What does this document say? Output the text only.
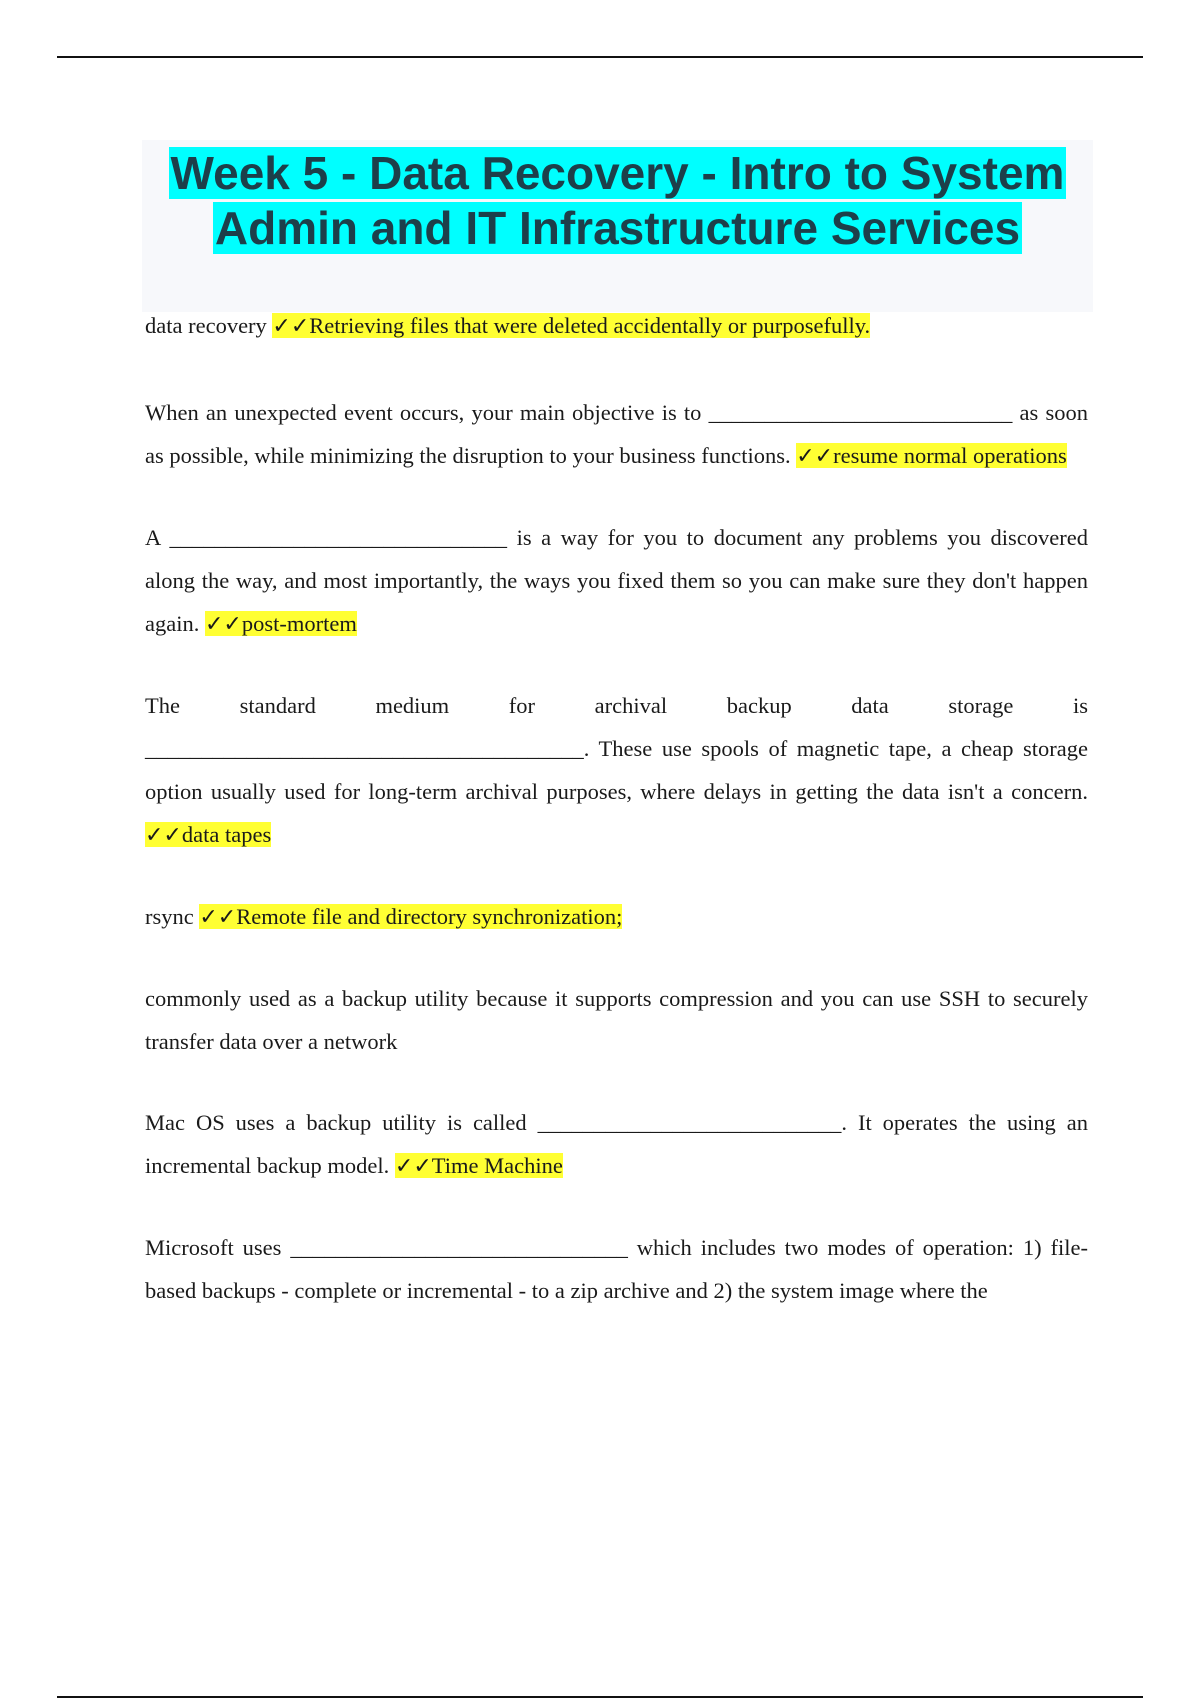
Week 5 - Data Recovery - Intro to System
Admin and IT Infrastructure Services

data recovery ✓✓Retrieving files that were deleted accidentally or purposefully.

When an unexpected event occurs, your main objective is to ___________________________ as soon as possible, while minimizing the disruption to your business functions. ✓✓resume normal operations

A ______________________________ is a way for you to document any problems you discovered along the way, and most importantly, the ways you fixed them so you can make sure they don't happen again. ✓✓post-mortem

The standard medium for archival backup data storage is _______________________________________. These use spools of magnetic tape, a cheap storage option usually used for long-term archival purposes, where delays in getting the data isn't a concern. ✓✓data tapes

rsync ✓✓Remote file and directory synchronization;

commonly used as a backup utility because it supports compression and you can use SSH to securely transfer data over a network

Mac OS uses a backup utility is called ___________________________. It operates the using an incremental backup model. ✓✓Time Machine

Microsoft uses ______________________________ which includes two modes of operation: 1) file-based backups - complete or incremental - to a zip archive and 2) the system image where the
